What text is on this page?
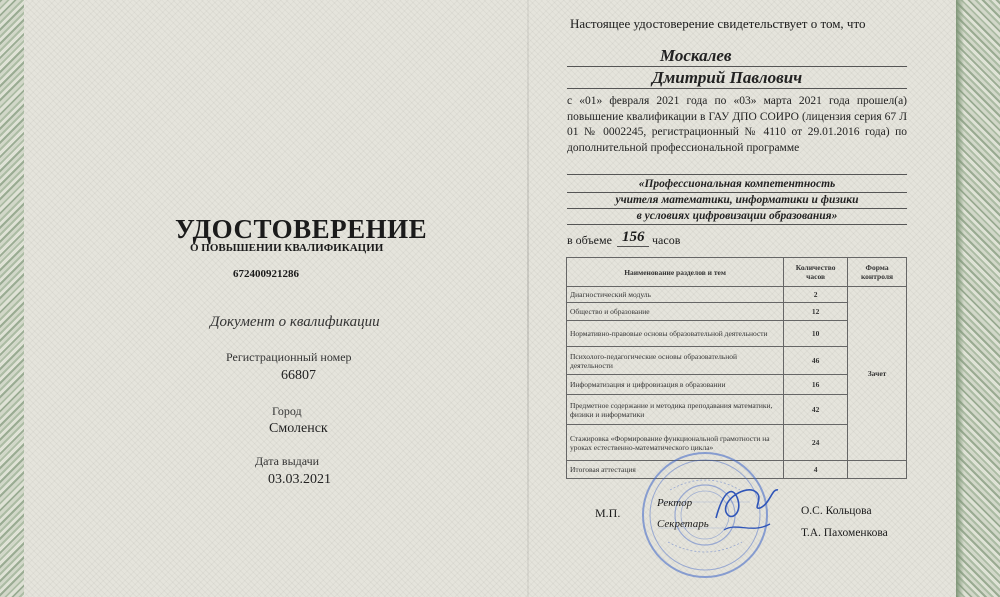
УДОСТОВЕРЕНИЕ
О ПОВЫШЕНИИ КВАЛИФИКАЦИИ
672400921286
Документ о квалификации
Регистрационный номер
66807
Город
Смоленск
Дата выдачи
03.03.2021
Настоящее удостоверение свидетельствует о том, что
Москалев
Дмитрий Павлович
с «01» февраля 2021 года по «03» марта 2021 года прошел(а) повышение квалификации в ГАУ ДПО СОИРО (лицензия серия 67 Л 01 № 0002245, регистрационный № 4110 от 29.01.2016 года) по дополнительной профессиональной программе
«Профессиональная компетентность
учителя математики, информатики и физики
в условиях цифровизации образования»
в объеме 156 часов
Наименование разделов и тем	Количество часов	Форма контроля
Диагностический модуль	2	Зачет
Общество и образование	12	
Нормативно-правовые основы образовательной деятельности	10	
Психолого-педагогические основы образовательной деятельности	46	
Информатизация и цифровизация в образовании	16	
Предметное содержание и методика преподавания математики, физики и информатики	42	
Стажировка «Формирование функциональной грамотности на уроках естественно-математического цикла»	24	
Итоговая аттестация	4	
М.П.
Ректор
Секретарь
О.С. Кольцова
Т.А. Пахоменкова
